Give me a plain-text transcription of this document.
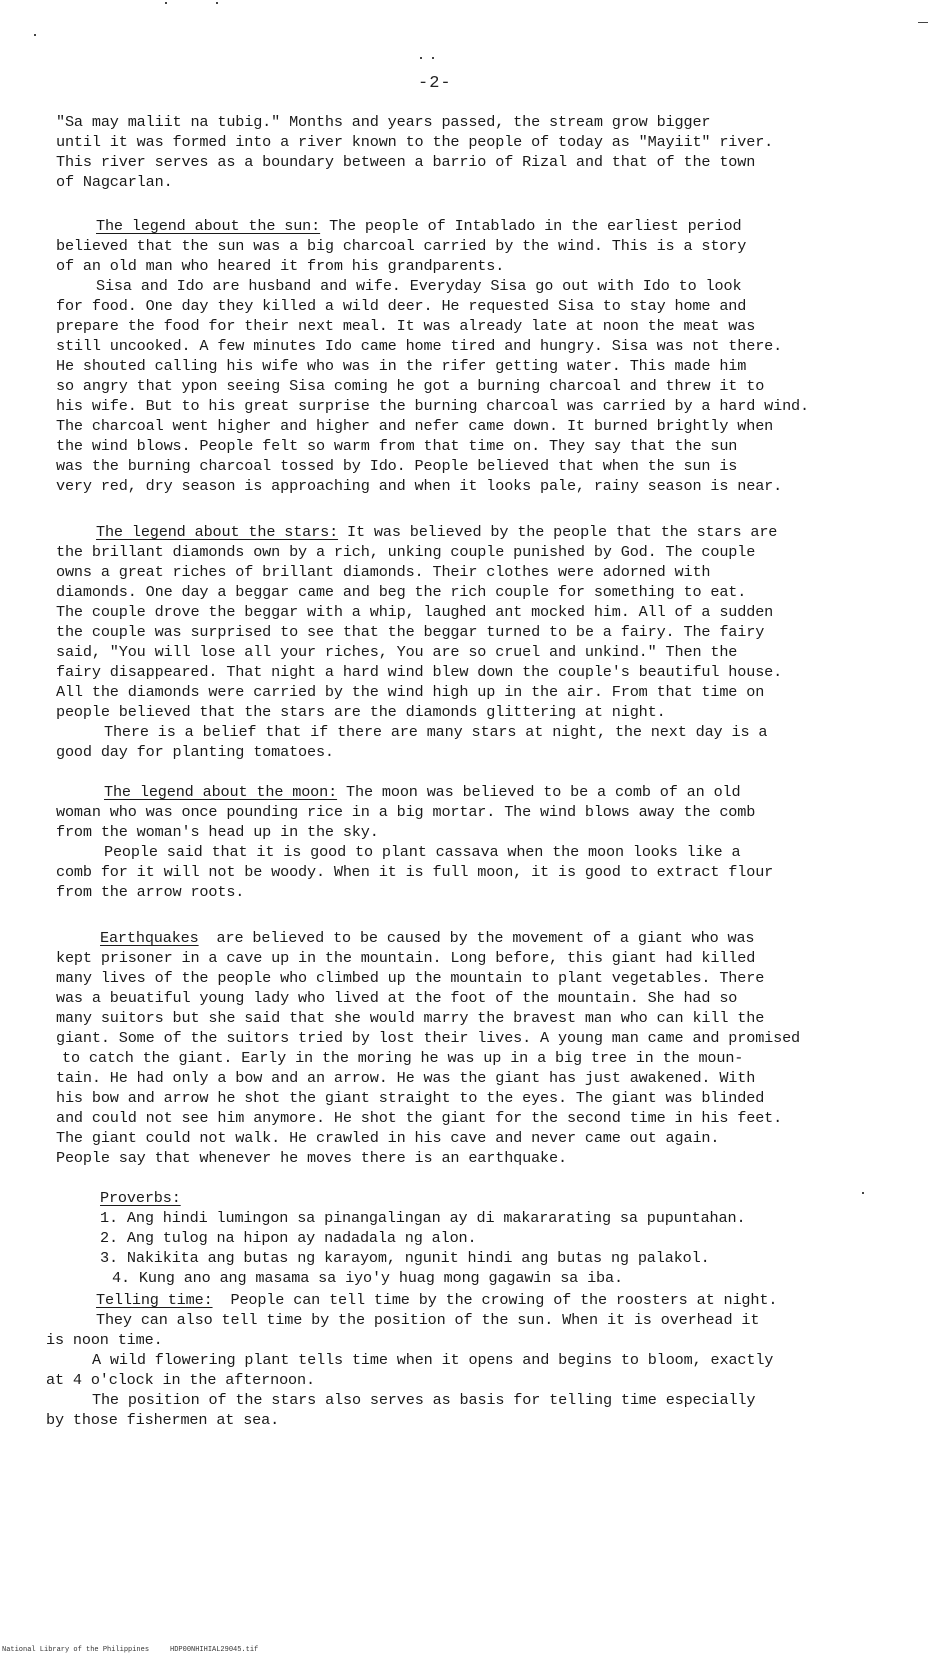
-2-
"Sa may maliit na tubig." Months and years passed, the stream grow bigger
until it was formed into a river known to the people of today as "Mayiit" river.
This river serves as a boundary between a barrio of Rizal and that of the town
of Nagcarlan.
The legend about the sun: The people of Intablado in the earliest period
believed that the sun was a big charcoal carried by the wind. This is a story
of an old man who heared it from his grandparents.
Sisa and Ido are husband and wife. Everyday Sisa go out with Ido to look
for food. One day they killed a wild deer. He requested Sisa to stay home and
prepare the food for their next meal. It was already late at noon the meat was
still uncooked. A few minutes Ido came home tired and hungry. Sisa was not there.
He shouted calling his wife who was in the rifer getting water. This made him
so angry that ypon seeing Sisa coming he got a burning charcoal and threw it to
his wife. But to his great surprise the burning charcoal was carried by a hard wind.
The charcoal went higher and higher and nefer came down. It burned brightly when
the wind blows. People felt so warm from that time on. They say that the sun
was the burning charcoal tossed by Ido. People believed that when the sun is
very red, dry season is approaching and when it looks pale, rainy season is near.
The legend about the stars: It was believed by the people that the stars are
the brillant diamonds own by a rich, unking couple punished by God. The couple
owns a great riches of brillant diamonds. Their clothes were adorned with
diamonds. One day a beggar came and beg the rich couple for something to eat.
The couple drove the beggar with a whip, laughed ant mocked him. All of a sudden
the couple was surprised to see that the beggar turned to be a fairy. The fairy
said, "You will lose all your riches, You are so cruel and unkind." Then the
fairy disappeared. That night a hard wind blew down the couple's beautiful house.
All the diamonds were carried by the wind high up in the air. From that time on
people believed that the stars are the diamonds glittering at night.
There is a belief that if there are many stars at night, the next day is a
good day for planting tomatoes.
The legend about the moon: The moon was believed to be a comb of an old
woman who was once pounding rice in a big mortar. The wind blows away the comb
from the woman's head up in the sky.
People said that it is good to plant cassava when the moon looks like a
comb for it will not be woody. When it is full moon, it is good to extract flour
from the arrow roots.
Earthquakes are believed to be caused by the movement of a giant who was
kept prisoner in a cave up in the mountain. Long before, this giant had killed
many lives of the people who climbed up the mountain to plant vegetables. There
was a beuatiful young lady who lived at the foot of the mountain. She had so
many suitors but she said that she would marry the bravest man who can kill the
giant. Some of the suitors tried by lost their lives. A young man came and promised
to catch the giant. Early in the moring he was up in a big tree in the moun-
tain. He had only a bow and an arrow. He was the giant has just awakened. With
his bow and arrow he shot the giant straight to the eyes. The giant was blinded
and could not see him anymore. He shot the giant for the second time in his feet.
The giant could not walk. He crawled in his cave and never came out again.
People say that whenever he moves there is an earthquake.
Proverbs:
1. Ang hindi lumingon sa pinangalingan ay di makararating sa pupuntahan.
2. Ang tulog na hipon ay nadadala ng alon.
3. Nakikita ang butas ng karayom, ngunit hindi ang butas ng palakol.
4. Kung ano ang masama sa iyo'y huag mong gagawin sa iba.
Telling time: People can tell time by the crowing of the roosters at night.
They can also tell time by the position of the sun. When it is overhead it
is noon time.
A wild flowering plant tells time when it opens and begins to bloom, exactly
at 4 o'clock in the afternoon.
The position of the stars also serves as basis for telling time especially
by those fishermen at sea.
National Library of the Philippines     HDP00NHIHIAL29045.tif
